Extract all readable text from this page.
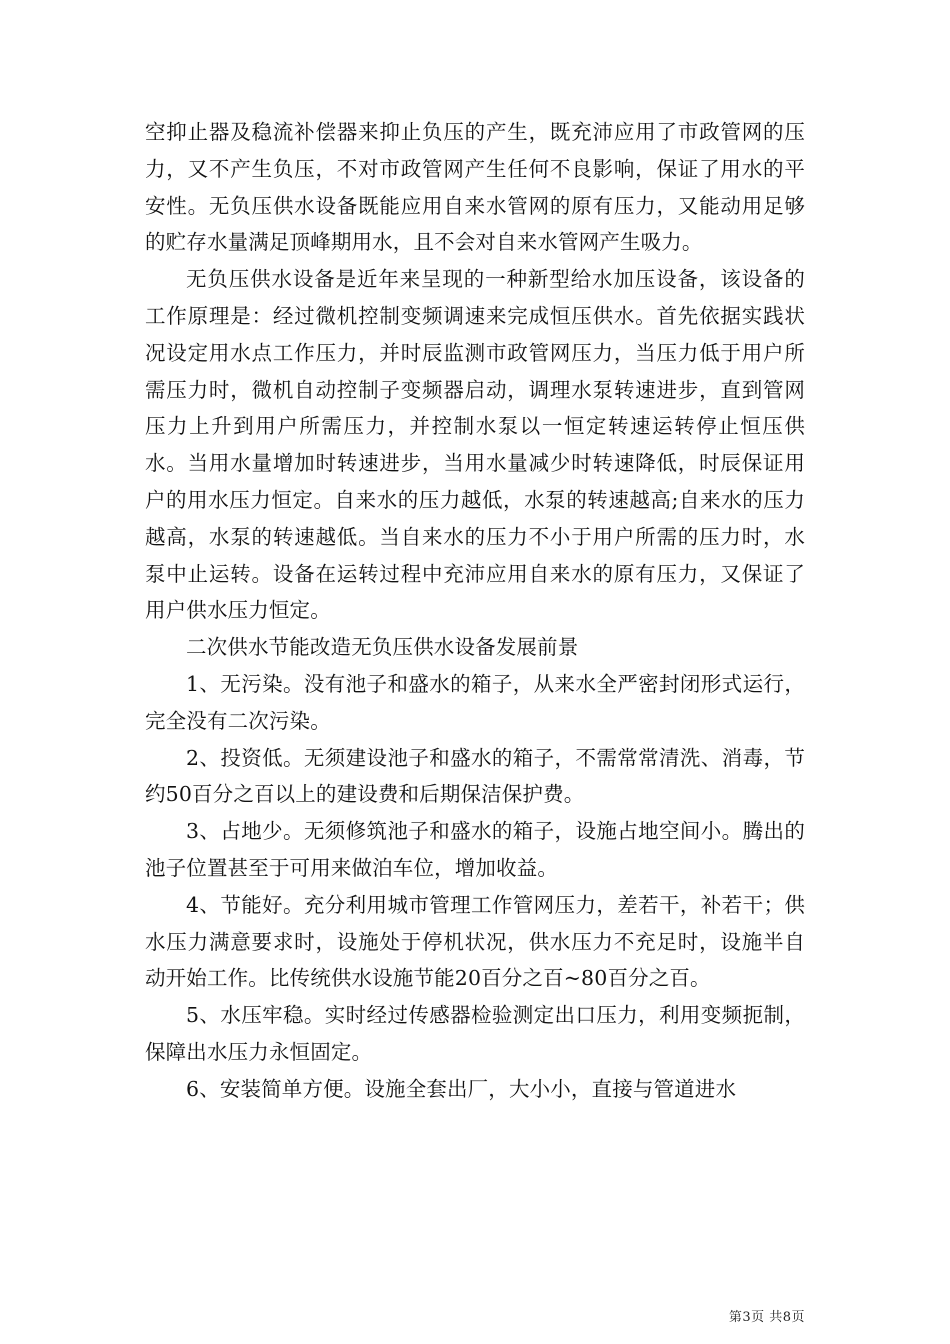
空抑止器及稳流补偿器来抑止负压的产生，既充沛应用了市政管网的压力，又不产生负压，不对市政管网产生任何不良影响，保证了用水的平安性。无负压供水设备既能应用自来水管网的原有压力，又能动用足够的贮存水量满足顶峰期用水，且不会对自来水管网产生吸力。

无负压供水设备是近年来呈现的一种新型给水加压设备，该设备的工作原理是：经过微机控制变频调速来完成恒压供水。首先依据实践状况设定用水点工作压力，并时辰监测市政管网压力，当压力低于用户所需压力时，微机自动控制子变频器启动，调理水泵转速进步，直到管网压力上升到用户所需压力，并控制水泵以一恒定转速运转停止恒压供水。当用水量增加时转速进步，当用水量减少时转速降低，时辰保证用户的用水压力恒定。自来水的压力越低，水泵的转速越高;自来水的压力越高，水泵的转速越低。当自来水的压力不小于用户所需的压力时，水泵中止运转。设备在运转过程中充沛应用自来水的原有压力，又保证了用户供水压力恒定。

二次供水节能改造无负压供水设备发展前景

1、无污染。没有池子和盛水的箱子，从来水全严密封闭形式运行，完全没有二次污染。

2、投资低。无须建设池子和盛水的箱子，不需常常清洗、消毒，节约50百分之百以上的建设费和后期保洁保护费。

3、占地少。无须修筑池子和盛水的箱子，设施占地空间小。腾出的池子位置甚至于可用来做泊车位，增加收益。

4、节能好。充分利用城市管理工作管网压力，差若干，补若干；供水压力满意要求时，设施处于停机状况，供水压力不充足时，设施半自动开始工作。比传统供水设施节能20百分之百~80百分之百。

5、水压牢稳。实时经过传感器检验测定出口压力，利用变频扼制，保障出水压力永恒固定。

6、安装简单方便。设施全套出厂，大小小，直接与管道进水

第3页 共8页
